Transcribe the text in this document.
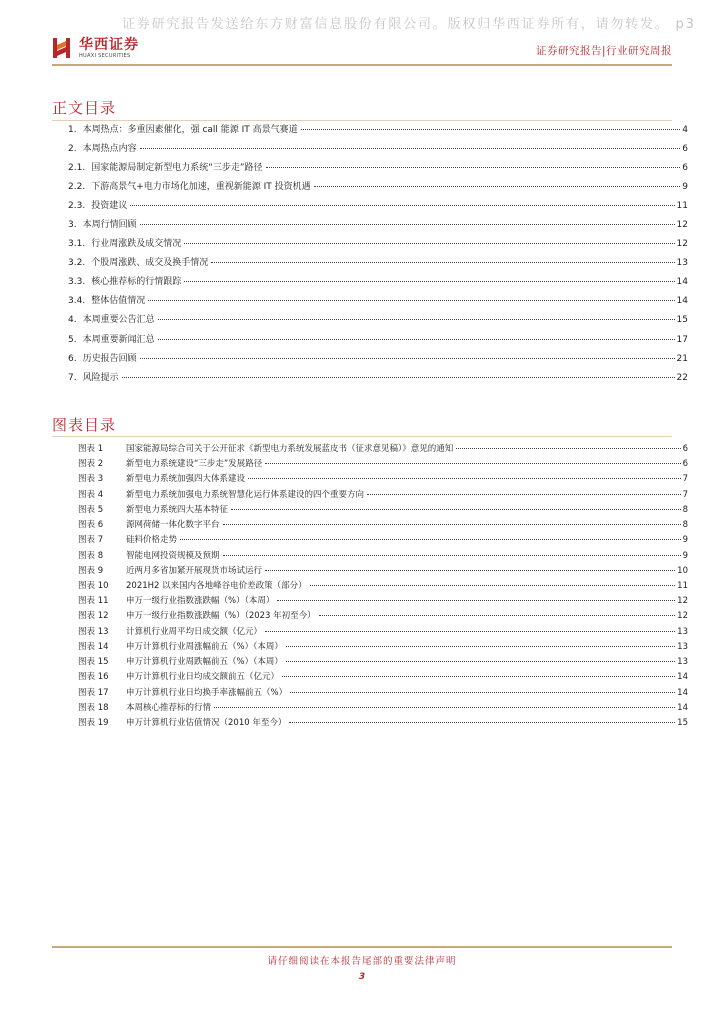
证券研究报告发送给东方财富信息股份有限公司。版权归华西证券所有，请勿转发。 p3
华西证券
HUAXI SECURITIES	证券研究报告|行业研究周报
正文目录
1. 本周热点：多重因素催化，强 call 能源 IT 高景气赛道	4
2. 本周热点内容	6
2.1. 国家能源局制定新型电力系统“三步走”路径	6
2.2. 下游高景气+电力市场化加速，重视新能源 IT 投资机遇	9
2.3. 投资建议	11
3. 本周行情回顾	12
3.1. 行业周涨跌及成交情况	12
3.2. 个股周涨跌、成交及换手情况	13
3.3. 核心推荐标的行情跟踪	14
3.4. 整体估值情况	14
4. 本周重要公告汇总	15
5. 本周重要新闻汇总	17
6. 历史报告回顾	21
7. 风险提示	22
图表目录
图表 1	国家能源局综合司关于公开征求《新型电力系统发展蓝皮书（征求意见稿）》意见的通知	6
图表 2	新型电力系统建设“三步走”发展路径	6
图表 3	新型电力系统加强四大体系建设	7
图表 4	新型电力系统加强电力系统智慧化运行体系建设的四个重要方向	7
图表 5	新型电力系统四大基本特征	8
图表 6	源网荷储一体化数字平台	8
图表 7	硅料价格走势	9
图表 8	智能电网投资规模及预期	9
图表 9	近两月多省加紧开展现货市场试运行	10
图表 10	2021H2 以来国内各地峰谷电价差政策（部分）	11
图表 11	申万一级行业指数涨跌幅（%）（本周）	12
图表 12	申万一级行业指数涨跌幅（%）（2023 年初至今）	12
图表 13	计算机行业周平均日成交额（亿元）	13
图表 14	申万计算机行业周涨幅前五（%）（本周）	13
图表 15	申万计算机行业周跌幅前五（%）（本周）	13
图表 16	申万计算机行业日均成交额前五（亿元）	14
图表 17	申万计算机行业日均换手率涨幅前五（%）	14
图表 18	本周核心推荐标的行情	14
图表 19	申万计算机行业估值情况（2010 年至今）	15
请仔细阅读在本报告尾部的重要法律声明
3
